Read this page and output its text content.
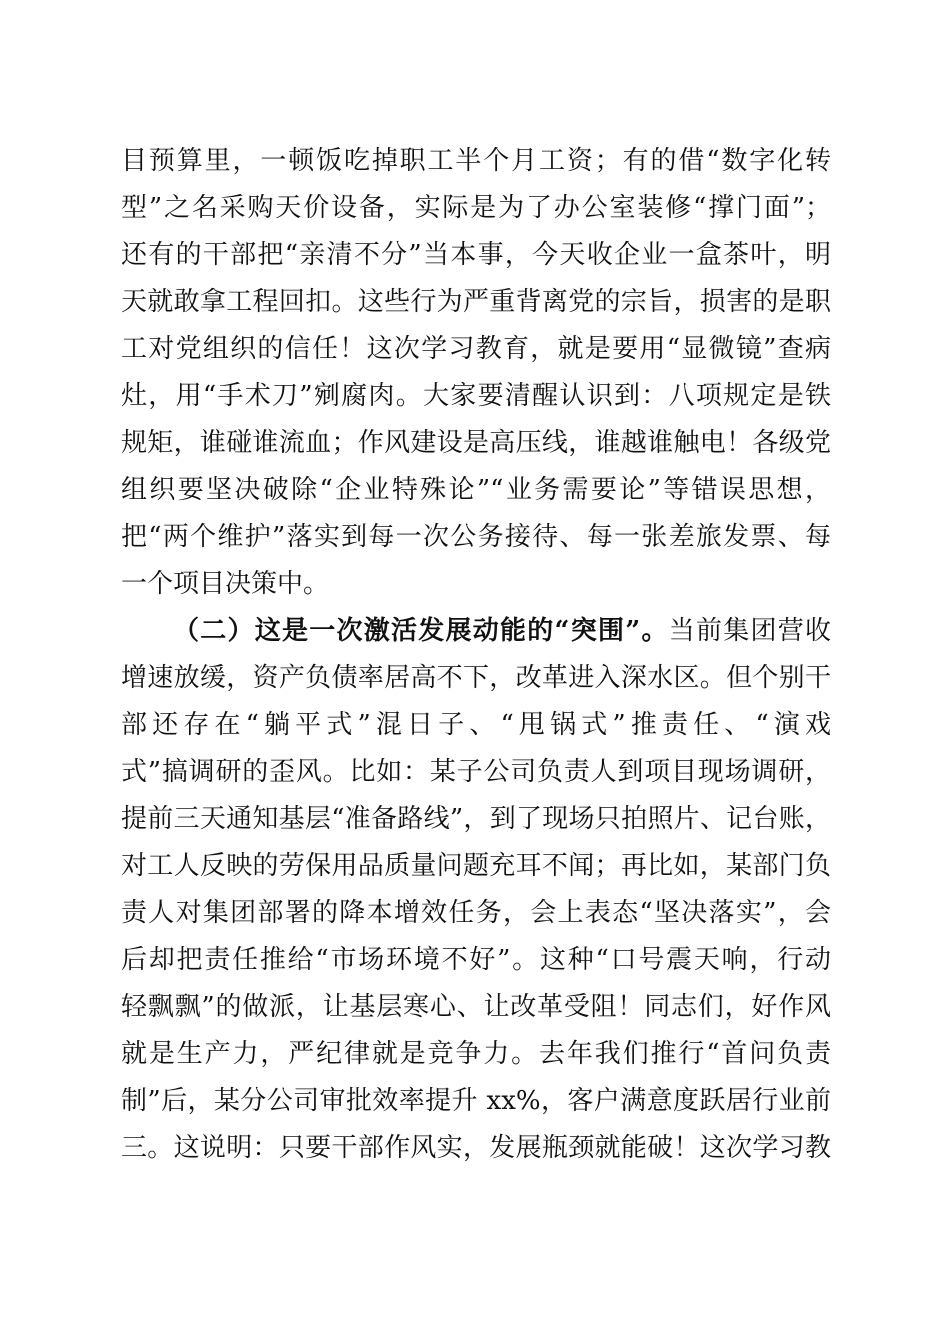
目预算里，一顿饭吃掉职工半个月工资；有的借“数字化转
型”之名采购天价设备，实际是为了办公室装修“撑门面”；
还有的干部把“亲清不分”当本事，今天收企业一盒茶叶，明
天就敢拿工程回扣。这些行为严重背离党的宗旨，损害的是职
工对党组织的信任！这次学习教育，就是要用“显微镜”查病
灶，用“手术刀”剜腐肉。大家要清醒认识到：八项规定是铁
规矩，谁碰谁流血；作风建设是高压线，谁越谁触电！各级党
组织要坚决破除“企业特殊论”“业务需要论”等错误思想，
把“两个维护”落实到每一次公务接待、每一张差旅发票、每
一个项目决策中。
（二）这是一次激活发展动能的“突围”。当前集团营收
增速放缓，资产负债率居高不下，改革进入深水区。但个别干
部还存在“躺平式”混日子、“甩锅式”推责任、“演戏
式”搞调研的歪风。比如：某子公司负责人到项目现场调研，
提前三天通知基层“准备路线”，到了现场只拍照片、记台账，
对工人反映的劳保用品质量问题充耳不闻；再比如，某部门负
责人对集团部署的降本增效任务，会上表态“坚决落实”，会
后却把责任推给“市场环境不好”。这种“口号震天响，行动
轻飘飘”的做派，让基层寒心、让改革受阻！同志们，好作风
就是生产力，严纪律就是竞争力。去年我们推行“首问负责
制”后，某分公司审批效率提升 xx%，客户满意度跃居行业前
三。这说明：只要干部作风实，发展瓶颈就能破！这次学习教
